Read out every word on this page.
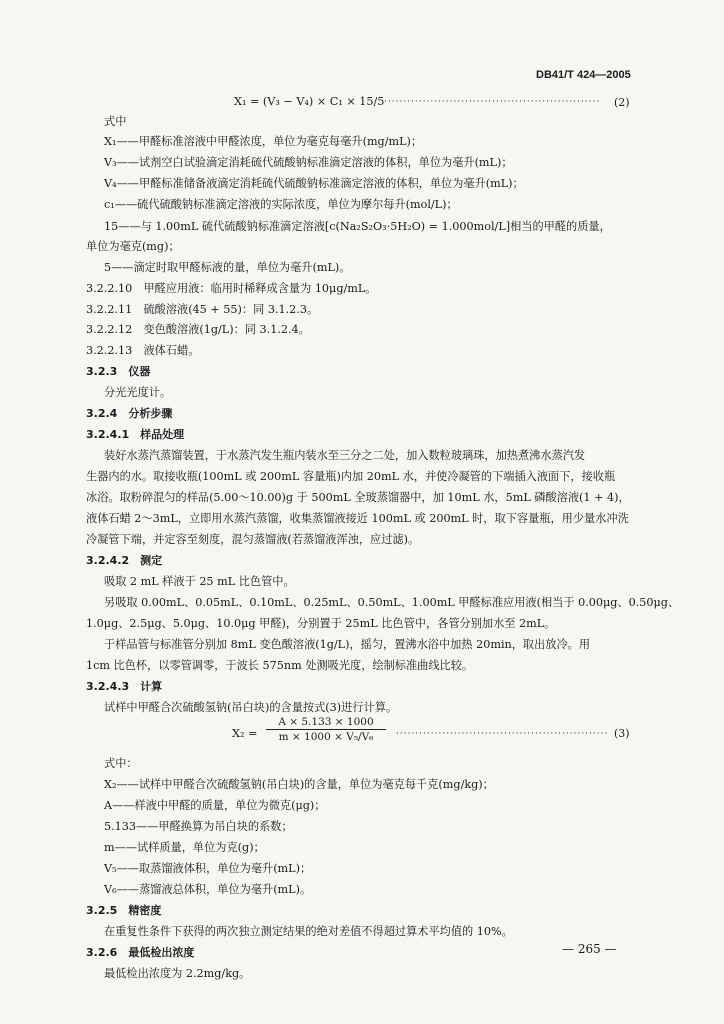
DB41/T 424—2005
X₁ = (V₃ − V₄) × C₁ × 15/5 ························································	(2)
式中
X₁——甲醛标准溶液中甲醛浓度，单位为毫克每毫升(mg/mL)；
V₃——试剂空白试验滴定消耗硫代硫酸钠标准滴定溶液的体积，单位为毫升(mL)；
V₄——甲醛标准储备液滴定消耗硫代硫酸钠标准滴定溶液的体积，单位为毫升(mL)；
c₁——硫代硫酸钠标准滴定溶液的实际浓度，单位为摩尔每升(mol/L)；
15——与 1.00mL 硫代硫酸钠标准滴定溶液[c(Na₂S₂O₃·5H₂O) = 1.000mol/L]相当的甲醛的质量，
单位为毫克(mg)；
5——滴定时取甲醛标液的量，单位为毫升(mL)。
3.2.2.10　甲醛应用液：临用时稀释成含量为 10μg/mL。
3.2.2.11　硫酸溶液(45 + 55)：同 3.1.2.3。
3.2.2.12　变色酸溶液(1g/L)：同 3.1.2.4。
3.2.2.13　液体石蜡。
3.2.3　仪器
分光光度计。
3.2.4　分析步骤
3.2.4.1　样品处理
装好水蒸汽蒸馏装置，于水蒸汽发生瓶内装水至三分之二处，加入数粒玻璃珠，加热煮沸水蒸汽发
生器内的水。取接收瓶(100mL 或 200mL 容量瓶)内加 20mL 水，并使冷凝管的下端插入液面下，接收瓶
冰浴。取粉碎混匀的样品(5.00～10.00)g 于 500mL 全玻蒸馏器中，加 10mL 水，5mL 磷酸溶液(1 + 4)，
液体石蜡 2～3mL，立即用水蒸汽蒸馏，收集蒸馏液接近 100mL 或 200mL 时，取下容量瓶，用少量水冲洗
冷凝管下端，并定容至刻度，混匀蒸馏液(若蒸馏液浑浊，应过滤)。
3.2.4.2　测定
吸取 2 mL 样液于 25 mL 比色管中。
另吸取 0.00mL、0.05mL、0.10mL、0.25mL、0.50mL、1.00mL 甲醛标准应用液(相当于 0.00μg、0.50μg、
1.0μg、2.5μg、5.0μg、10.0μg 甲醛)，分别置于 25mL 比色管中，各管分别加水至 2mL。
于样品管与标准管分别加 8mL 变色酸溶液(1g/L)，摇匀，置沸水浴中加热 20min，取出放冷。用
1cm 比色杯，以零管调零，于波长 575nm 处测吸光度，绘制标准曲线比较。
3.2.4.3　计算
试样中甲醛合次硫酸氢钠(吊白块)的含量按式(3)进行计算。
X₂ =
A × 5.133 × 1000
m × 1000 × V₅/V₆	······················································· (3)
式中：
X₂——试样中甲醛合次硫酸氢钠(吊白块)的含量，单位为毫克每千克(mg/kg)；
A——样液中甲醛的质量，单位为微克(μg)；
5.133——甲醛换算为吊白块的系数；
m——试样质量，单位为克(g)；
V₅——取蒸馏液体积，单位为毫升(mL)；
V₆——蒸馏液总体积，单位为毫升(mL)。
3.2.5　精密度
在重复性条件下获得的两次独立测定结果的绝对差值不得超过算术平均值的 10%。
3.2.6　最低检出浓度
最低检出浓度为 2.2mg/kg。
— 265 —
